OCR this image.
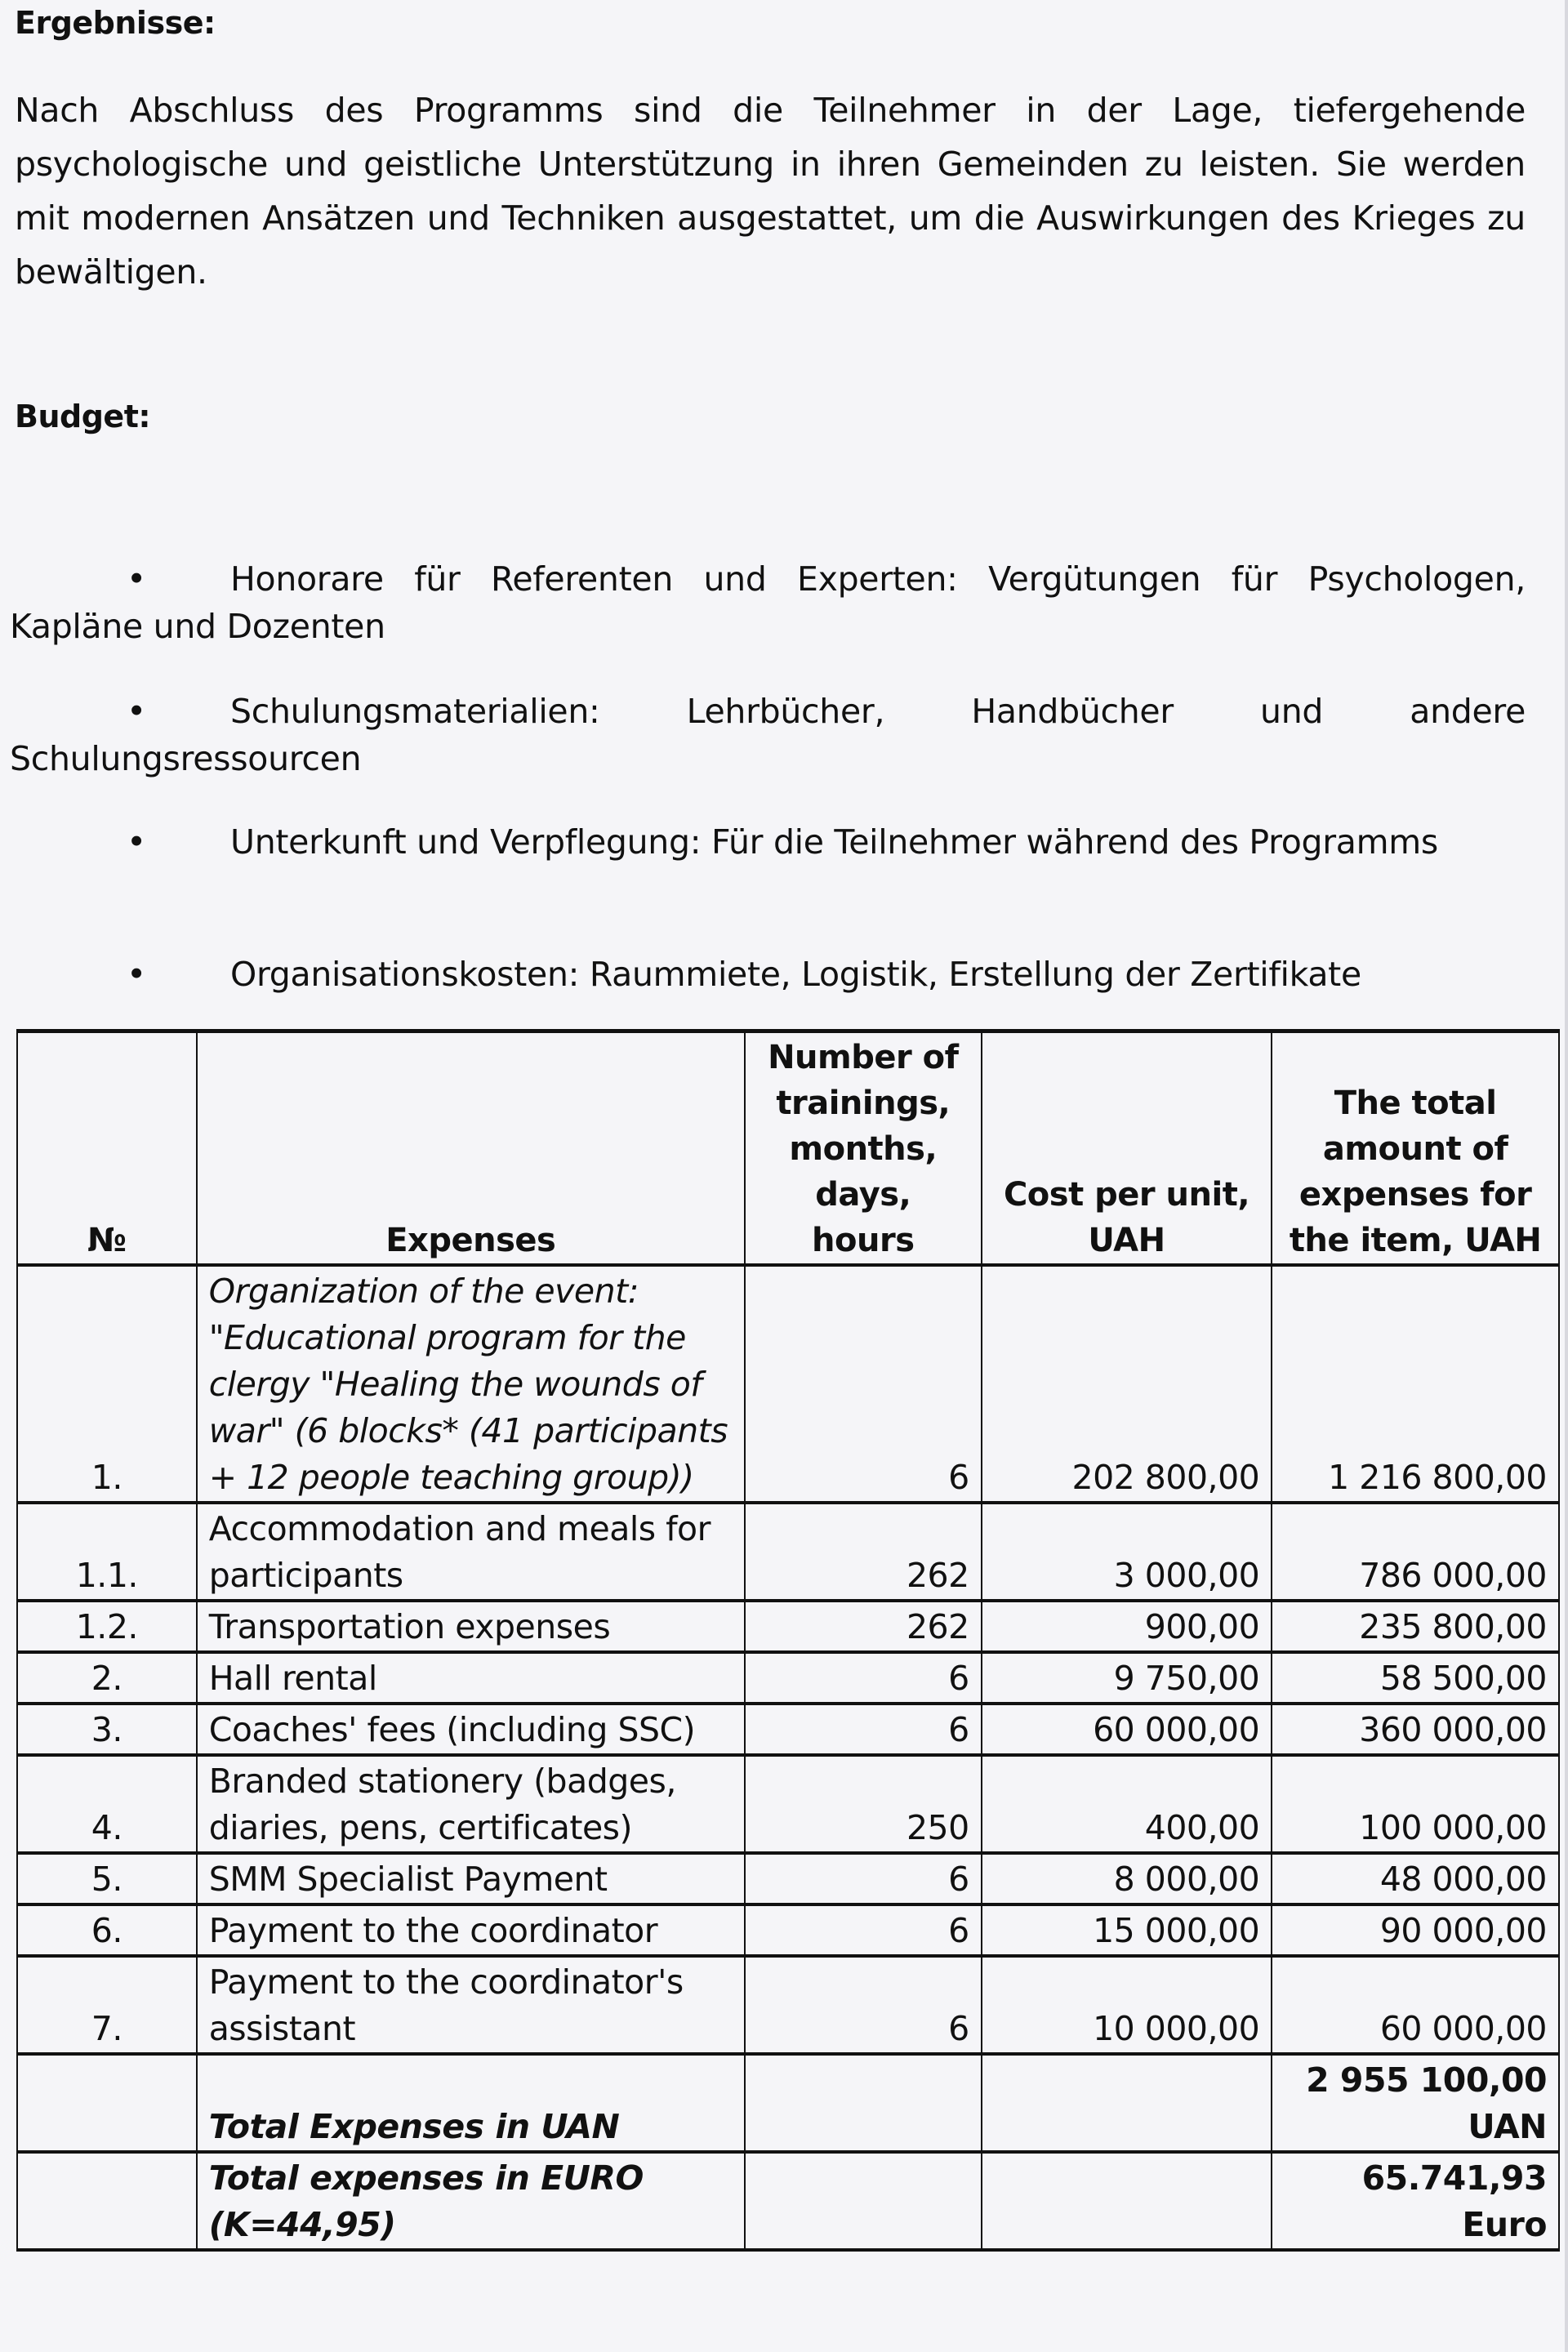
Ergebnisse:
Nach Abschluss des Programms sind die Teilnehmer in der Lage, tiefergehende psychologische und geistliche Unterstützung in ihren Gemeinden zu leisten. Sie werden mit modernen Ansätzen und Techniken ausgestattet, um die Auswirkungen des Krieges zu bewältigen.
Budget:
•	Honorare für Referenten und Experten: Vergütungen für Psychologen, Kapläne und Dozenten
•	Schulungsmaterialien: Lehrbücher, Handbücher und andere Schulungsressourcen
•	Unterkunft und Verpflegung: Für die Teilnehmer während des Programms
•	Organisationskosten: Raummiete, Logistik, Erstellung der Zertifikate
№	Expenses	Number of trainings, months, days, hours	Cost per unit, UAH	The total amount of expenses for the item, UAH
1.	Organization of the event: "Educational program for the clergy "Healing the wounds of war" (6 blocks* (41 participants + 12 people teaching group))	6	202 800,00	1 216 800,00
1.1.	Accommodation and meals for participants	262	3 000,00	786 000,00
1.2.	Transportation expenses	262	900,00	235 800,00
2.	Hall rental	6	9 750,00	58 500,00
3.	Coaches' fees (including SSC)	6	60 000,00	360 000,00
4.	Branded stationery (badges, diaries, pens, certificates)	250	400,00	100 000,00
5.	SMM Specialist Payment	6	8 000,00	48 000,00
6.	Payment to the coordinator	6	15 000,00	90 000,00
7.	Payment to the coordinator's assistant	6	10 000,00	60 000,00
	Total Expenses in UAN			2 955 100,00 UAN
	Total expenses in EURO (K=44,95)			65.741,93 Euro
